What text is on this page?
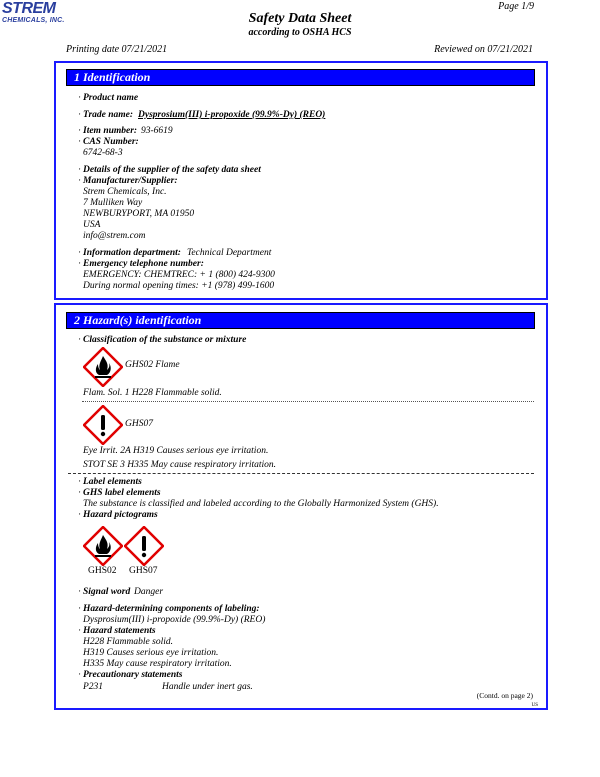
STREM
CHEMICALS, INC.
Page 1/9
Safety Data Sheet
according to OSHA HCS
Printing date 07/21/2021	Reviewed on 07/21/2021
1 Identification
· Product name
· Trade name: Dysprosium(III) i-propoxide (99.9%-Dy) (REO)
· Item number: 93-6619
· CAS Number:
6742-68-3
· Details of the supplier of the safety data sheet
· Manufacturer/Supplier:
Strem Chemicals, Inc.
7 Mulliken Way
NEWBURYPORT, MA 01950
USA
info@strem.com
· Information department: Technical Department
· Emergency telephone number:
EMERGENCY: CHEMTREC: + 1 (800) 424-9300
During normal opening times: +1 (978) 499-1600
2 Hazard(s) identification
· Classification of the substance or mixture
GHS02 Flame
Flam. Sol. 1 H228 Flammable solid.
GHS07
Eye Irrit. 2A H319 Causes serious eye irritation.
STOT SE 3 H335 May cause respiratory irritation.
· Label elements
· GHS label elements
The substance is classified and labeled according to the Globally Harmonized System (GHS).
· Hazard pictograms
GHS02 GHS07
· Signal word Danger
· Hazard-determining components of labeling:
Dysprosium(III) i-propoxide (99.9%-Dy) (REO)
· Hazard statements
H228 Flammable solid.
H319 Causes serious eye irritation.
H335 May cause respiratory irritation.
· Precautionary statements
P231	Handle under inert gas.
(Contd. on page 2)
US
